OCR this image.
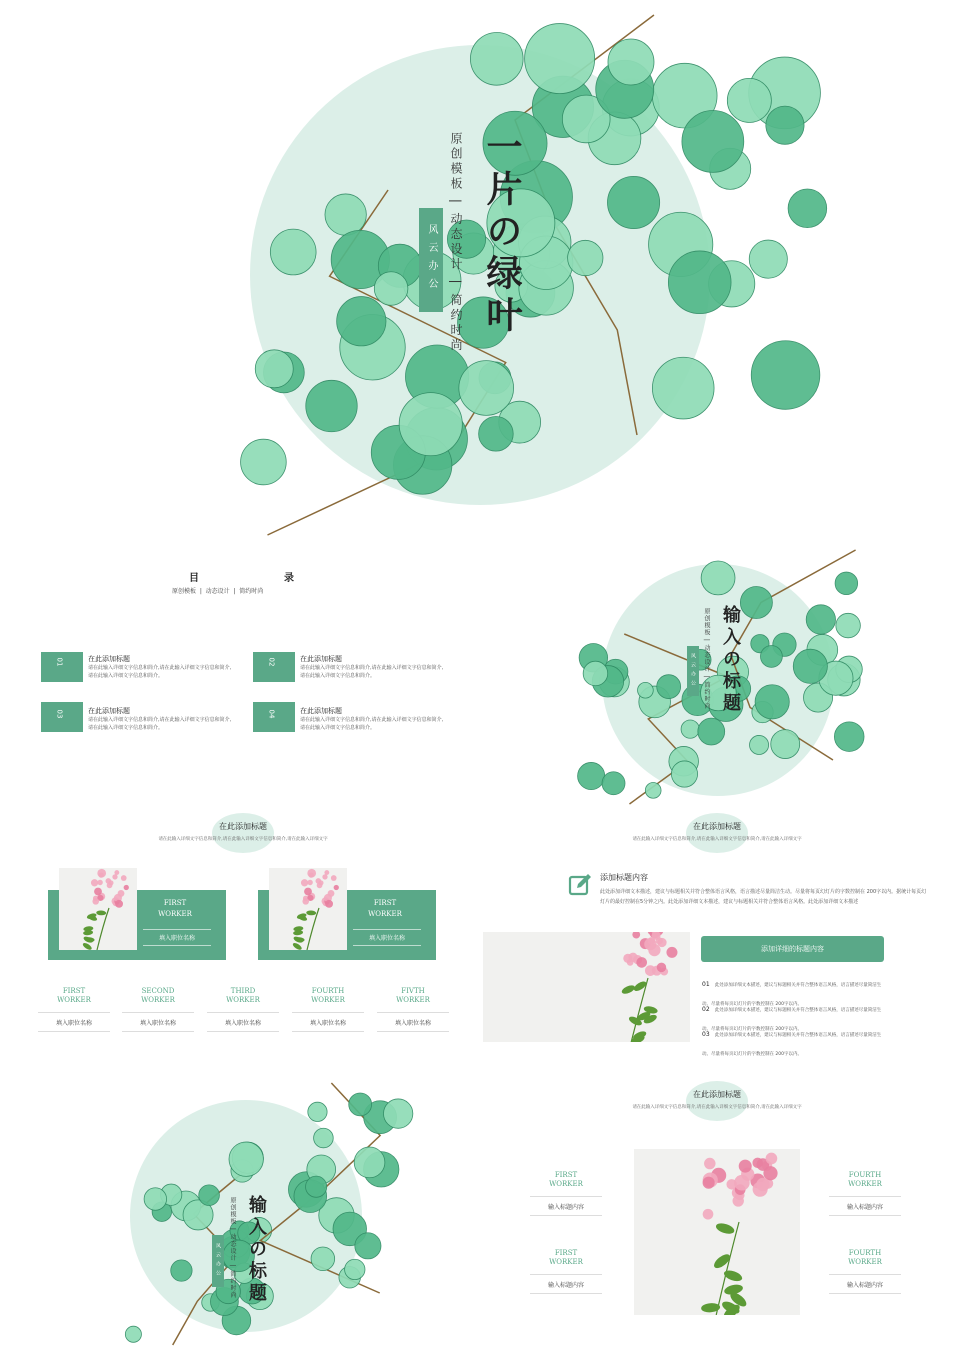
一片の绿叶
原创模板 | 动态设计 | 简约时尚
风云办公
目	录
原创模板  |  动态设计  |  简约时尚
01	在此添加标题
请在此输入详细文字信息和简介,请在此输入详细文字信息和简介,请在此输入详细文字信息和简介。
02	在此添加标题
请在此输入详细文字信息和简介,请在此输入详细文字信息和简介,请在此输入详细文字信息和简介。
03	在此添加标题
请在此输入详细文字信息和简介,请在此输入详细文字信息和简介,请在此输入详细文字信息和简介。
04	在此添加标题
请在此输入详细文字信息和简介,请在此输入详细文字信息和简介,请在此输入详细文字信息和简介。
输入の标题
原创模板 | 动态设计 | 简约时尚
风云办公
在此添加标题
请在此输入详细文字信息和简介,请在此输入详细文字信息和简介,请在此输入详细文字
FIRST WORKER
填入职位名称
FIRST WORKER
填入职位名称
FIRST
WORKER
填入职位名称
SECOND
WORKER
填入职位名称
THIRD
WORKER
填入职位名称
FOURTH
WORKER
填入职位名称
FIVTH
WORKER
填入职位名称
在此添加标题
请在此输入详细文字信息和简介,请在此输入详细文字信息和简介,请在此输入详细文字
添加标题内容
此处添加详细文本描述，建议与标题相关并符合整体语言风格，语言描述尽量简洁生动。尽量将每页幻灯片的字数控制在 200字以内。据统计每页幻灯片的最好控制在5分钟之内。此处添加详细文本描述，建议与标题相关并符合整体语言风格。此处添加详细文本描述
添加详细的标题内容
01 此处添加详细文本描述，建议与标题相关并符合整体语言风格，语言描述尽量简洁生动。尽量将每页幻灯片的字数控制在 200字以内。
02 此处添加详细文本描述，建议与标题相关并符合整体语言风格，语言描述尽量简洁生动。尽量将每页幻灯片的字数控制在 200字以内。
03 此处添加详细文本描述，建议与标题相关并符合整体语言风格，语言描述尽量简洁生动。尽量将每页幻灯片的字数控制在 200字以内。
输入の标题
原创模板 | 动态设计 | 简约时尚
风云办公
在此添加标题
请在此输入详细文字信息和简介,请在此输入详细文字信息和简介,请在此输入详细文字
FIRST
WORKER
输入标题内容
FIRST
WORKER
输入标题内容
FOURTH
WORKER
输入标题内容
FOURTH
WORKER
输入标题内容
